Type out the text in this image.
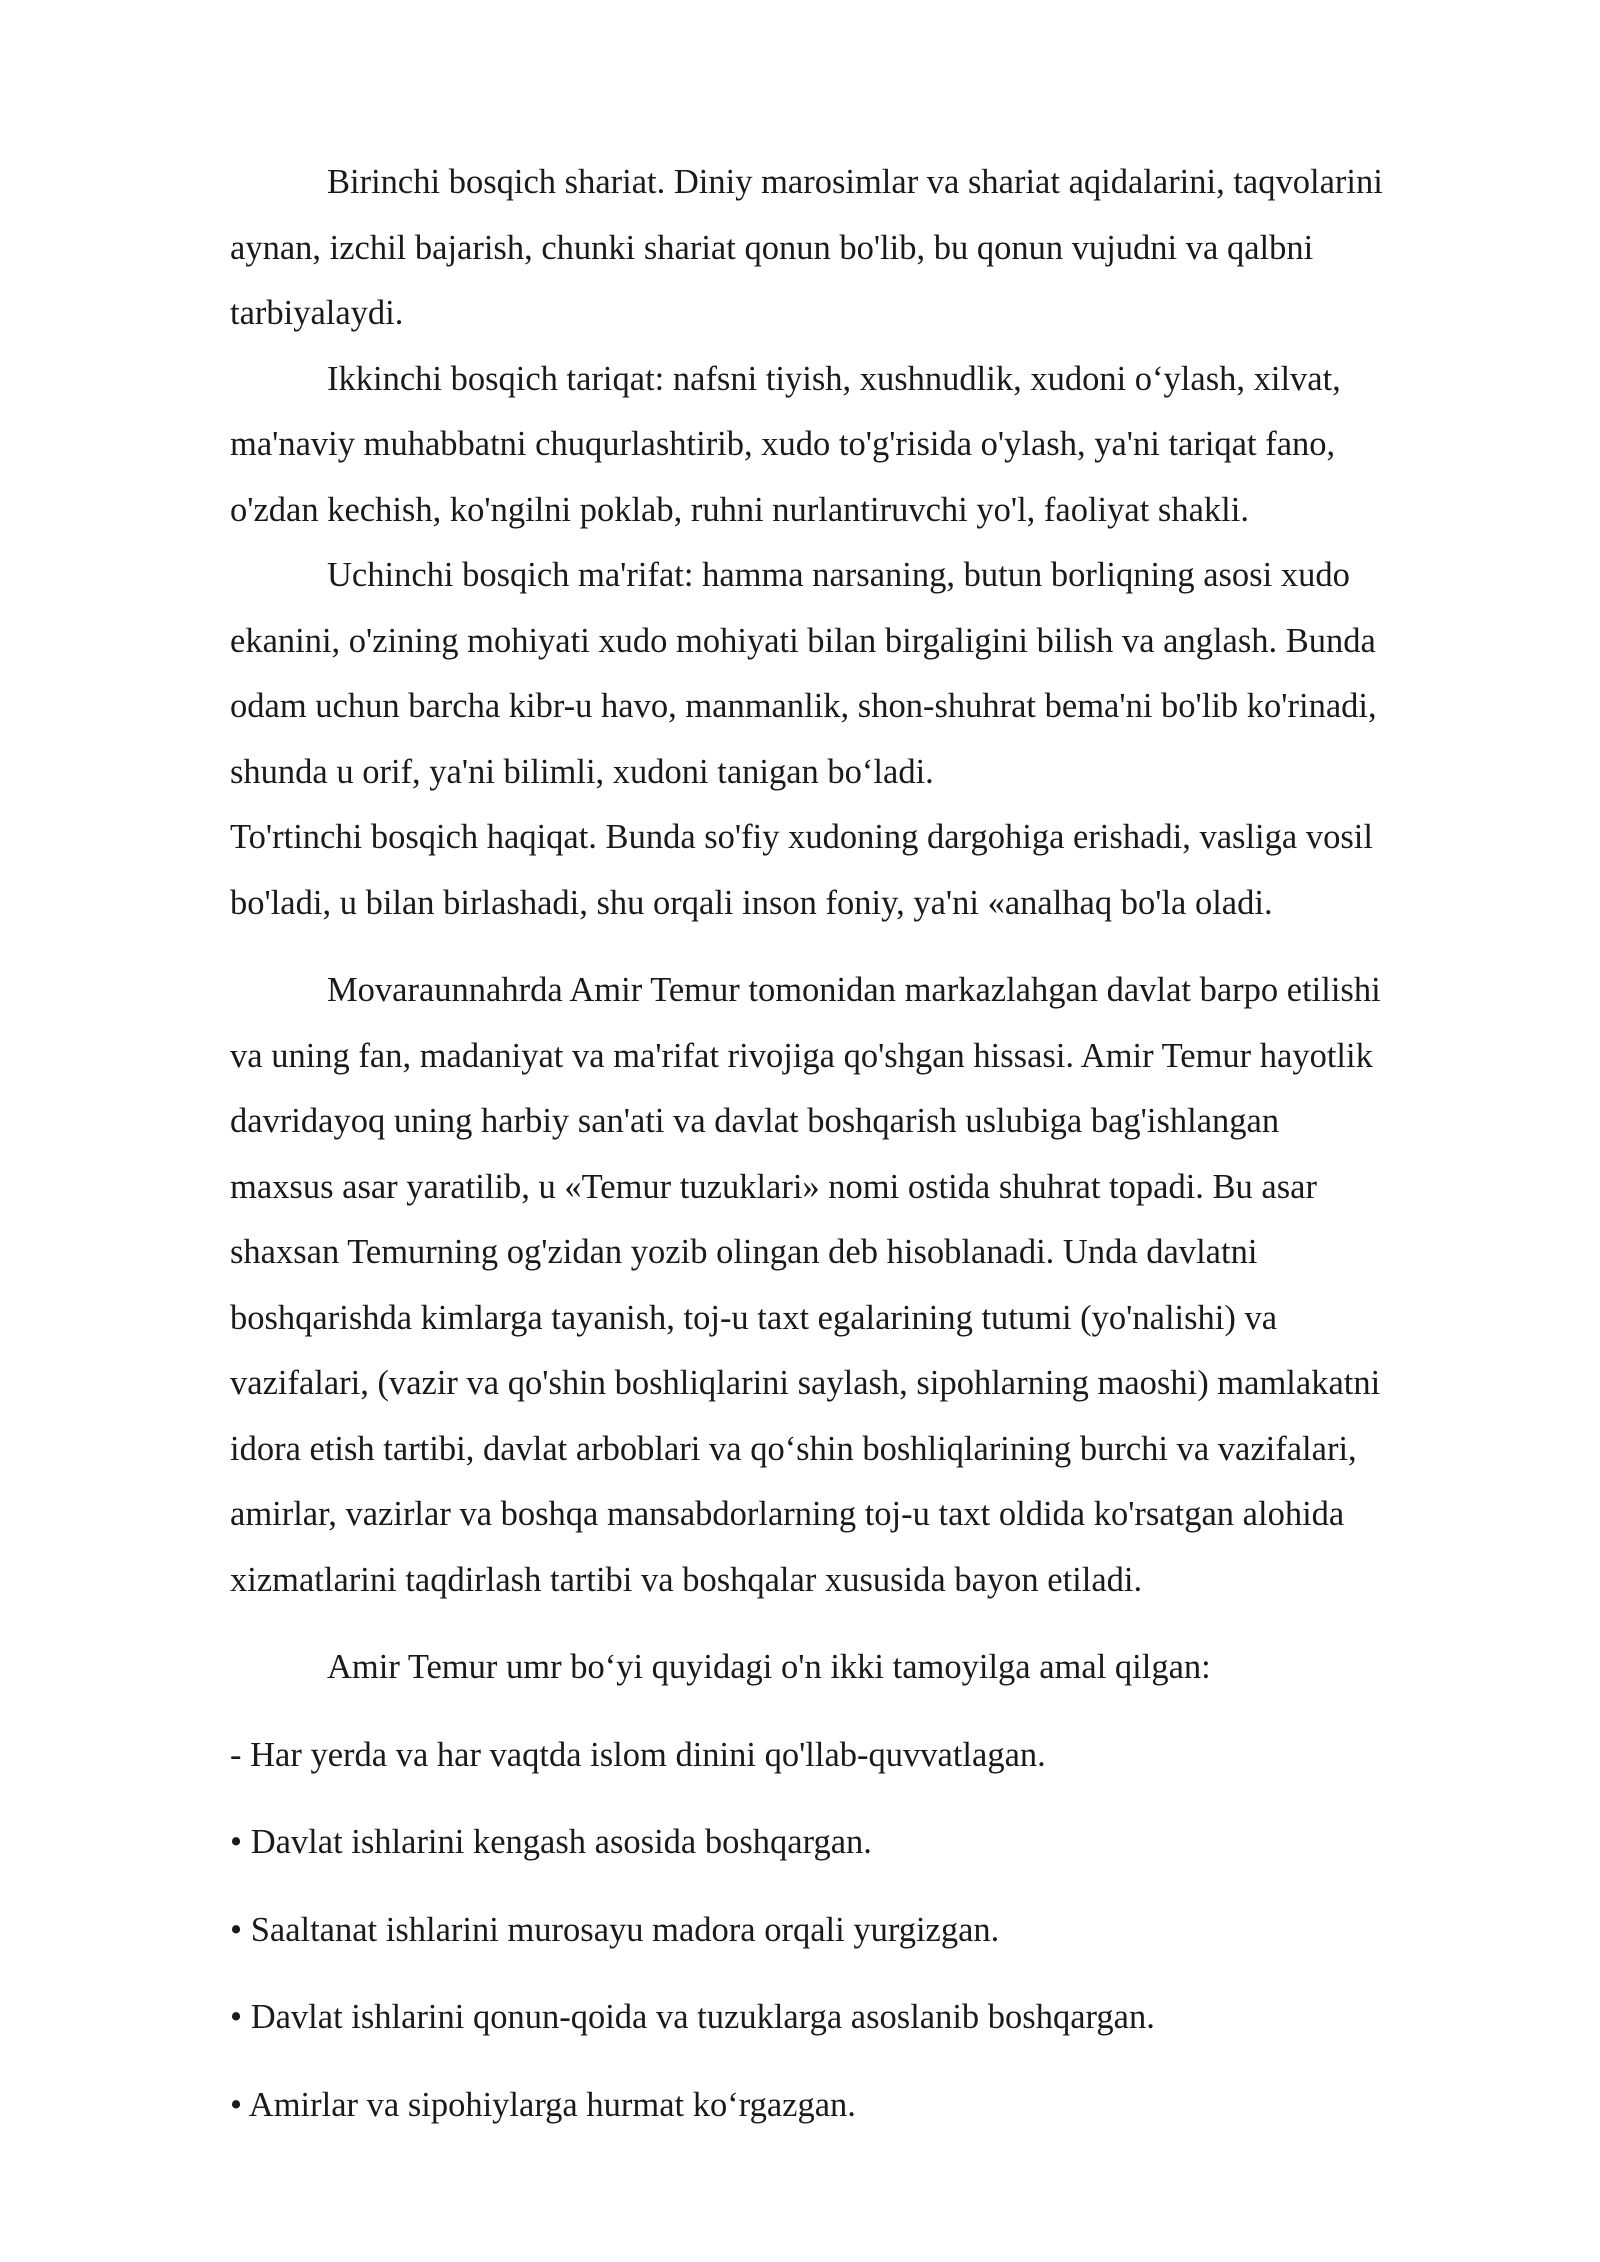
Birinchi bosqich shariat. Diniy marosimlar va shariat aqidalarini, taqvolarini

aynan, izchil bajarish, chunki shariat qonun bo'lib, bu qonun vujudni va qalbni

tarbiyalaydi.

Ikkinchi bosqich tariqat: nafsni tiyish, xushnudlik, xudoni o‘ylash, xilvat,

ma'naviy muhabbatni chuqurlashtirib, xudo to'g'risida o'ylash, ya'ni tariqat fano,

o'zdan kechish, ko'ngilni poklab, ruhni nurlantiruvchi yo'l, faoliyat shakli.

Uchinchi bosqich ma'rifat: hamma narsaning, butun borliqning asosi xudo

ekanini, o'zining mohiyati xudo mohiyati bilan birgaligini bilish va anglash. Bunda

odam uchun barcha kibr-u havo, manmanlik, shon-shuhrat bema'ni bo'lib ko'rinadi,

shunda u orif, ya'ni bilimli, xudoni tanigan bo‘ladi.

To'rtinchi bosqich haqiqat. Bunda so'fiy xudoning dargohiga erishadi, vasliga vosil

bo'ladi, u bilan birlashadi, shu orqali inson foniy, ya'ni «analhaq bo'la oladi.

Movaraunnahrda Amir Temur tomonidan markazlahgan davlat barpo etilishi

va uning fan, madaniyat va ma'rifat rivojiga qo'shgan hissasi. Amir Temur hayotlik

davridayoq uning harbiy san'ati va davlat boshqarish uslubiga bag'ishlangan

maxsus asar yaratilib, u «Temur tuzuklari» nomi ostida shuhrat topadi. Bu asar

shaxsan Temurning og'zidan yozib olingan deb hisoblanadi. Unda davlatni

boshqarishda kimlarga tayanish, toj-u taxt egalarining tutumi (yo'nalishi) va

vazifalari, (vazir va qo'shin boshliqlarini saylash, sipohlarning maoshi) mamlakatni

idora etish tartibi, davlat arboblari va qo‘shin boshliqlarining burchi va vazifalari,

amirlar, vazirlar va boshqa mansabdorlarning toj-u taxt oldida ko'rsatgan alohida

xizmatlarini taqdirlash tartibi va boshqalar xususida bayon etiladi.

Amir Temur umr bo‘yi quyidagi o'n ikki tamoyilga amal qilgan:

- Har yerda va har vaqtda islom dinini qo'llab-quvvatlagan.

• Davlat ishlarini kengash asosida boshqargan.

• Saaltanat ishlarini murosayu madora orqali yurgizgan.

• Davlat ishlarini qonun-qoida va tuzuklarga asoslanib boshqargan.

• Amirlar va sipohiylarga hurmat ko‘rgazgan.
